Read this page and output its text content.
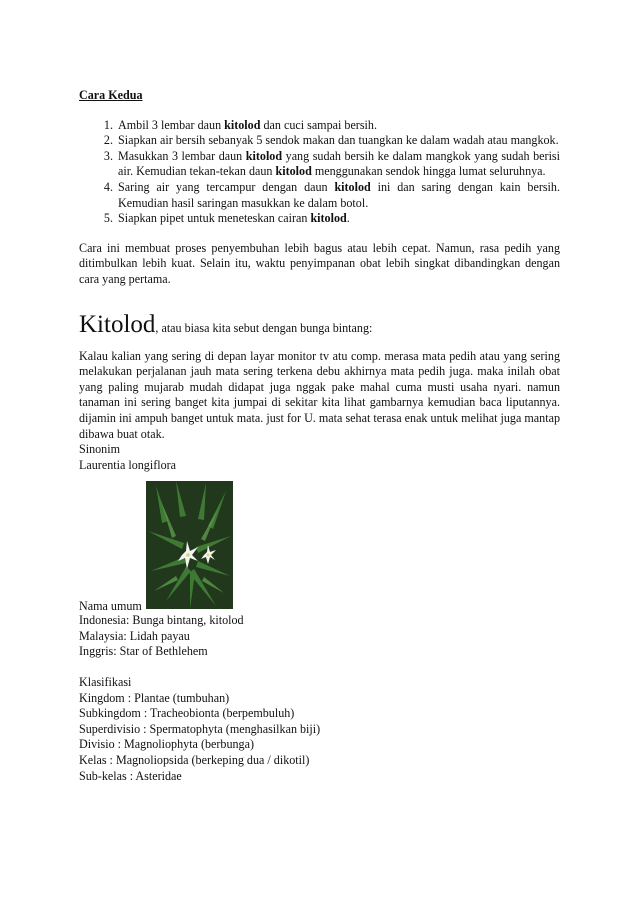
Cara Kedua

1. Ambil 3 lembar daun kitolod dan cuci sampai bersih.
2. Siapkan air bersih sebanyak 5 sendok makan dan tuangkan ke dalam wadah atau mangkok.
3. Masukkan 3 lembar daun kitolod yang sudah bersih ke dalam mangkok yang sudah berisi air. Kemudian tekan-tekan daun kitolod menggunakan sendok hingga lumat seluruhnya.
4. Saring air yang tercampur dengan daun kitolod ini dan saring dengan kain bersih. Kemudian hasil saringan masukkan ke dalam botol.
5. Siapkan pipet untuk meneteskan cairan kitolod.

Cara ini membuat proses penyembuhan lebih bagus atau lebih cepat. Namun, rasa pedih yang ditimbulkan lebih kuat. Selain itu, waktu penyimpanan obat lebih singkat dibandingkan dengan cara yang pertama.

Kitolod , atau biasa kita sebut dengan bunga bintang:

Kalau kalian yang sering di depan layar monitor tv atu comp. merasa mata pedih atau yang sering melakukan perjalanan jauh mata sering terkena debu akhirnya mata pedih juga. maka inilah obat yang paling mujarab mudah didapat juga nggak pake mahal cuma musti usaha nyari. namun tanaman ini sering banget kita jumpai di sekitar kita lihat gambarnya kemudian baca liputannya. dijamin ini ampuh banget untuk mata. just for U. mata sehat terasa enak untuk melihat juga mantap dibawa buat otak.

Sinonim

Laurentia longiflora

Nama umum

Indonesia: Bunga bintang, kitolod

Malaysia: Lidah payau

Inggris: Star of Bethlehem

Klasifikasi

Kingdom : Plantae (tumbuhan)

Subkingdom : Tracheobionta (berpembuluh)

Superdivisio : Spermatophyta (menghasilkan biji)

Divisio : Magnoliophyta (berbunga)

Kelas : Magnoliopsida (berkeping dua / dikotil)

Sub-kelas : Asteridae
